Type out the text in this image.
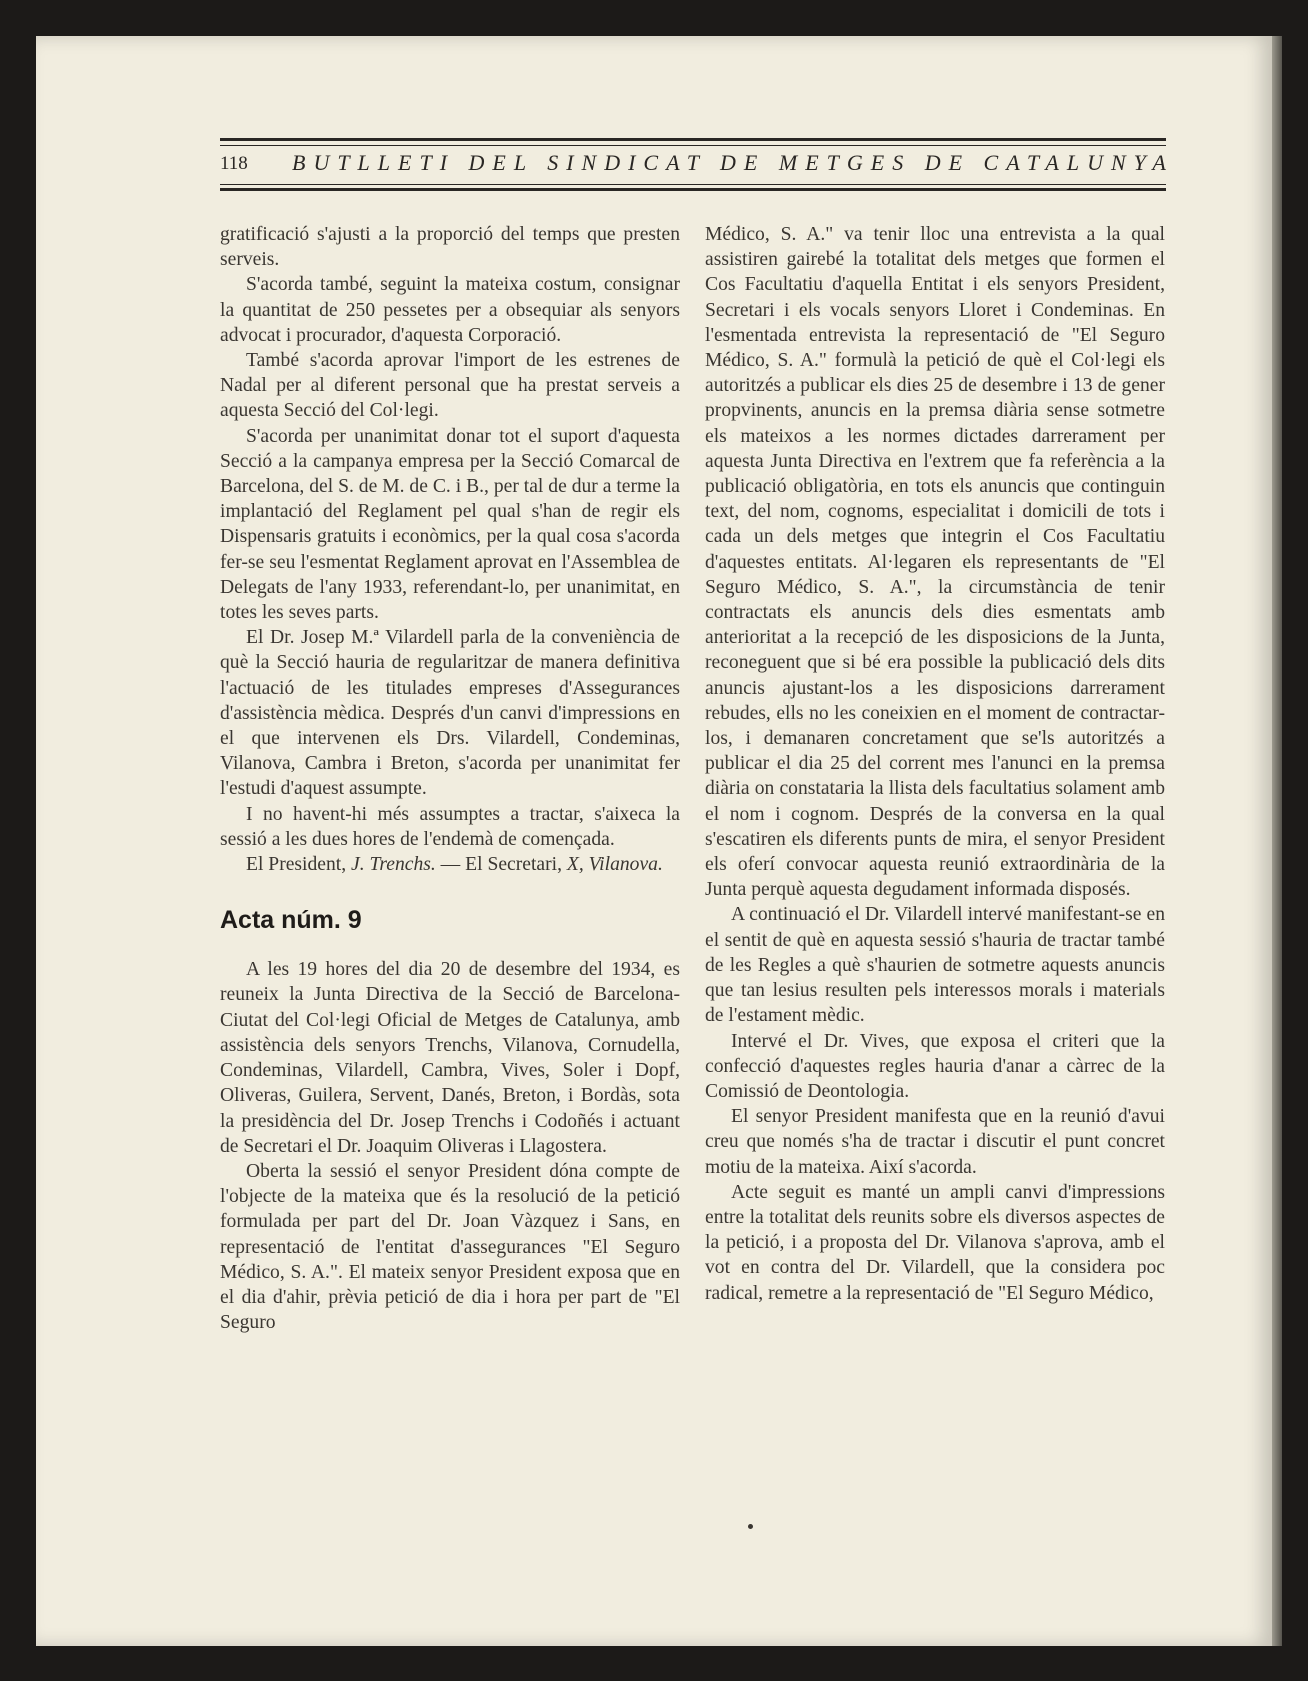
118 BUTLLETI DEL SINDICAT DE METGES DE CATALUNYA

gratificació s'ajusti a la proporció del temps que presten serveis.

S'acorda també, seguint la mateixa costum, consignar la quantitat de 250 pessetes per a obsequiar als senyors advocat i procurador, d'aquesta Corporació.

També s'acorda aprovar l'import de les estrenes de Nadal per al diferent personal que ha prestat serveis a aquesta Secció del Col·legi.

S'acorda per unanimitat donar tot el suport d'aquesta Secció a la campanya empresa per la Secció Comarcal de Barcelona, del S. de M. de C. i B., per tal de dur a terme la implantació del Reglament pel qual s'han de regir els Dispensaris gratuits i econòmics, per la qual cosa s'acorda fer-se seu l'esmentat Reglament aprovat en l'Assemblea de Delegats de l'any 1933, referendant-lo, per unanimitat, en totes les seves parts.

El Dr. Josep M.ª Vilardell parla de la conveniència de què la Secció hauria de regularitzar de manera definitiva l'actuació de les titulades empreses d'Assegurances d'assistència mèdica. Després d'un canvi d'impressions en el que intervenen els Drs. Vilardell, Condeminas, Vilanova, Cambra i Breton, s'acorda per unanimitat fer l'estudi d'aquest assumpte.

I no havent-hi més assumptes a tractar, s'aixeca la sessió a les dues hores de l'endemà de començada.

El President, J. Trenchs. — El Secretari, X, Vilanova.

Acta núm. 9

A les 19 hores del dia 20 de desembre del 1934, es reuneix la Junta Directiva de la Secció de Barcelona-Ciutat del Col·legi Oficial de Metges de Catalunya, amb assistència dels senyors Trenchs, Vilanova, Cornudella, Condeminas, Vilardell, Cambra, Vives, Soler i Dopf, Oliveras, Guilera, Servent, Danés, Breton, i Bordàs, sota la presidència del Dr. Josep Trenchs i Codoñés i actuant de Secretari el Dr. Joaquim Oliveras i Llagostera.

Oberta la sessió el senyor President dóna compte de l'objecte de la mateixa que és la resolució de la petició formulada per part del Dr. Joan Vàzquez i Sans, en representació de l'entitat d'assegurances "El Seguro Médico, S. A.". El mateix senyor President exposa que en el dia d'ahir, prèvia petició de dia i hora per part de "El Seguro

Médico, S. A." va tenir lloc una entrevista a la qual assistiren gairebé la totalitat dels metges que formen el Cos Facultatiu d'aquella Entitat i els senyors President, Secretari i els vocals senyors Lloret i Condeminas. En l'esmentada entrevista la representació de "El Seguro Médico, S. A." formulà la petició de què el Col·legi els autoritzés a publicar els dies 25 de desembre i 13 de gener propvinents, anuncis en la premsa diària sense sotmetre els mateixos a les normes dictades darrerament per aquesta Junta Directiva en l'extrem que fa referència a la publicació obligatòria, en tots els anuncis que continguin text, del nom, cognoms, especialitat i domicili de tots i cada un dels metges que integrin el Cos Facultatiu d'aquestes entitats. Al·legaren els representants de "El Seguro Médico, S. A.", la circumstància de tenir contractats els anuncis dels dies esmentats amb anterioritat a la recepció de les disposicions de la Junta, reconeguent que si bé era possible la publicació dels dits anuncis ajustant-los a les disposicions darrerament rebudes, ells no les coneixien en el moment de contractar-los, i demanaren concretament que se'ls autoritzés a publicar el dia 25 del corrent mes l'anunci en la premsa diària on constataria la llista dels facultatius solament amb el nom i cognom. Després de la conversa en la qual s'escatiren els diferents punts de mira, el senyor President els oferí convocar aquesta reunió extraordinària de la Junta perquè aquesta degudament informada disposés.

A continuació el Dr. Vilardell intervé manifestant-se en el sentit de què en aquesta sessió s'hauria de tractar també de les Regles a què s'haurien de sotmetre aquests anuncis que tan lesius resulten pels interessos morals i materials de l'estament mèdic.

Intervé el Dr. Vives, que exposa el criteri que la confecció d'aquestes regles hauria d'anar a càrrec de la Comissió de Deontologia.

El senyor President manifesta que en la reunió d'avui creu que només s'ha de tractar i discutir el punt concret motiu de la mateixa. Així s'acorda.

Acte seguit es manté un ampli canvi d'impressions entre la totalitat dels reunits sobre els diversos aspectes de la petició, i a proposta del Dr. Vilanova s'aprova, amb el vot en contra del Dr. Vilardell, que la considera poc radical, remetre a la representació de "El Seguro Médico,
